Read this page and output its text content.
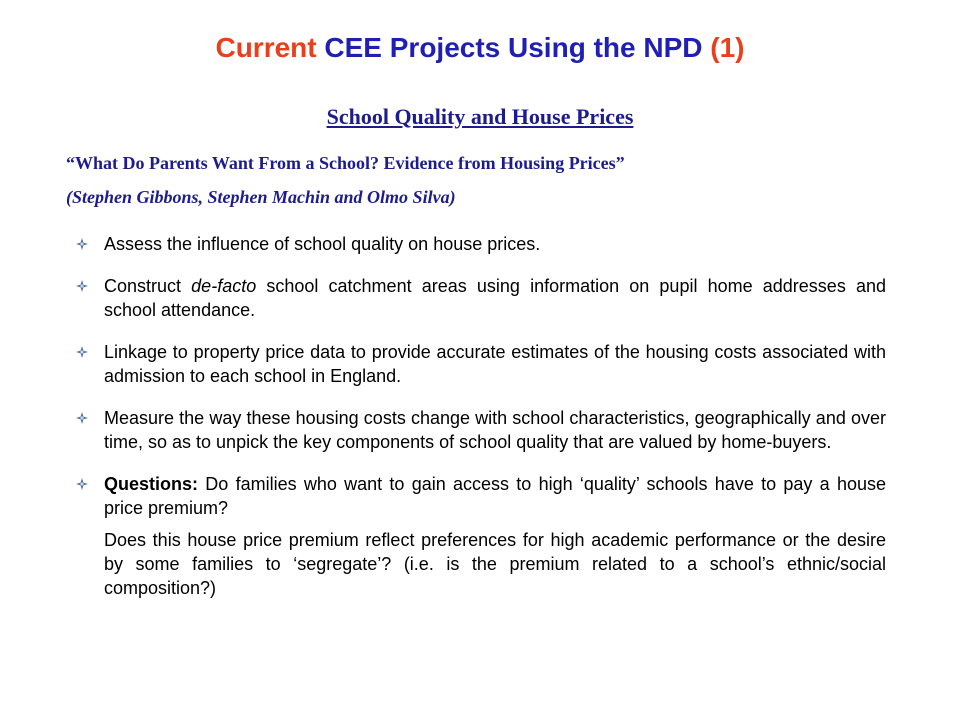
Current CEE Projects Using the NPD (1)
School Quality and House Prices
“What Do Parents Want From a School? Evidence from Housing Prices”
(Stephen Gibbons, Stephen Machin and Olmo Silva)
Assess the influence of school quality on house prices.
Construct de-facto school catchment areas using information on pupil home addresses and school attendance.
Linkage to property price data to provide accurate estimates of the housing costs associated with admission to each school in England.
Measure the way these housing costs change with school characteristics, geographically and over time, so as to unpick the key components of school quality that are valued by home-buyers.
Questions: Do families who want to gain access to high ‘quality’ schools have to pay a house price premium?
Does this house price premium reflect preferences for high academic performance or the desire by some families to ‘segregate’? (i.e. is the premium related to a school’s ethnic/social composition?)
